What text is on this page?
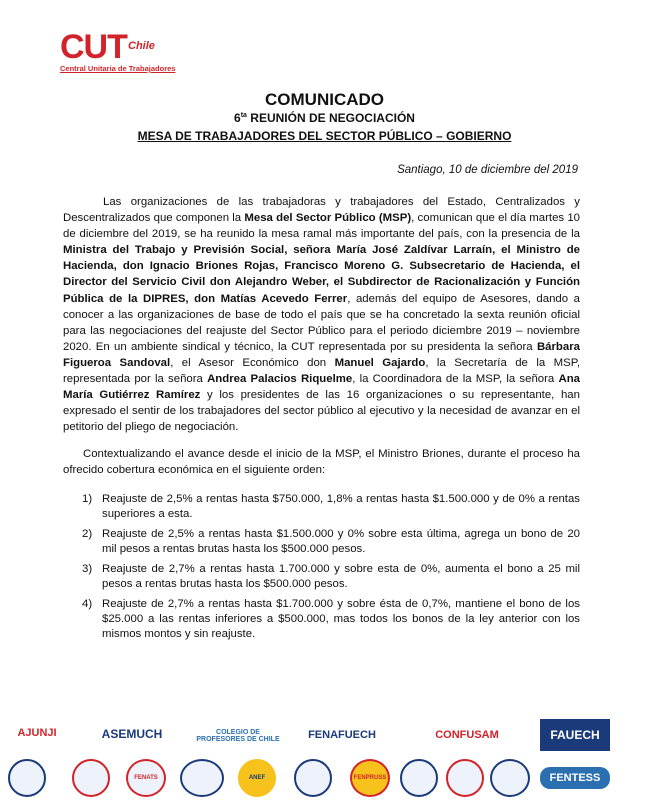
CUT Chile
Central Unitaria de Trabajadores
COMUNICADO
$6^{ta}$ REUNIÓN DE NEGOCIACIÓN
MESA DE TRABAJADORES DEL SECTOR PÚBLICO – GOBIERNO
Santiago, 10 de diciembre del 2019
Las organizaciones de las trabajadoras y trabajadores del Estado, Centralizados y Descentralizados que componen la Mesa del Sector Público (MSP), comunican que el día martes 10 de diciembre del 2019, se ha reunido la mesa ramal más importante del país, con la presencia de la Ministra del Trabajo y Previsión Social, señora María José Zaldívar Larraín, el Ministro de Hacienda, don Ignacio Briones Rojas, Francisco Moreno G. Subsecretario de Hacienda, el Director del Servicio Civil don Alejandro Weber, el Subdirector de Racionalización y Función Pública de la DIPRES, don Matías Acevedo Ferrer, además del equipo de Asesores, dando a conocer a las organizaciones de base de todo el país que se ha concretado la sexta reunión oficial para las negociaciones del reajuste del Sector Público para el periodo diciembre 2019 – noviembre 2020. En un ambiente sindical y técnico, la CUT representada por su presidenta la señora Bárbara Figueroa Sandoval, el Asesor Económico don Manuel Gajardo, la Secretaría de la MSP, representada por la señora Andrea Palacios Riquelme, la Coordinadora de la MSP, la señora Ana María Gutiérrez Ramírez y los presidentes de las 16 organizaciones o su representante, han expresado el sentir de los trabajadores del sector público al ejecutivo y la necesidad de avanzar en el petitorio del pliego de negociación.
Contextualizando el avance desde el inicio de la MSP, el Ministro Briones, durante el proceso ha ofrecido cobertura económica en el siguiente orden:
1) Reajuste de 2,5% a rentas hasta $750.000, 1,8% a rentas hasta $1.500.000 y de 0% a rentas superiores a esta.
2) Reajuste de 2,5% a rentas hasta $1.500.000 y 0% sobre esta última, agrega un bono de 20 mil pesos a rentas brutas hasta los $500.000 pesos.
3) Reajuste de 2,7% a rentas hasta 1.700.000 y sobre esta de 0%, aumenta el bono a 25 mil pesos a rentas brutas hasta los $500.000 pesos.
4) Reajuste de 2,7% a rentas hasta $1.700.000 y sobre ésta de 0,7%, mantiene el bono de los $25.000 a las rentas inferiores a $500.000, mas todos los bonos de la ley anterior con los mismos montos y sin reajuste.
AJUNJI	ASEMUCH	COLEGIO DE PROFESORES DE CHILE	FENAFUECH	CONFUSAM	FAUECH
FENATS	ANEF	FENPRUSS	FENTESS
